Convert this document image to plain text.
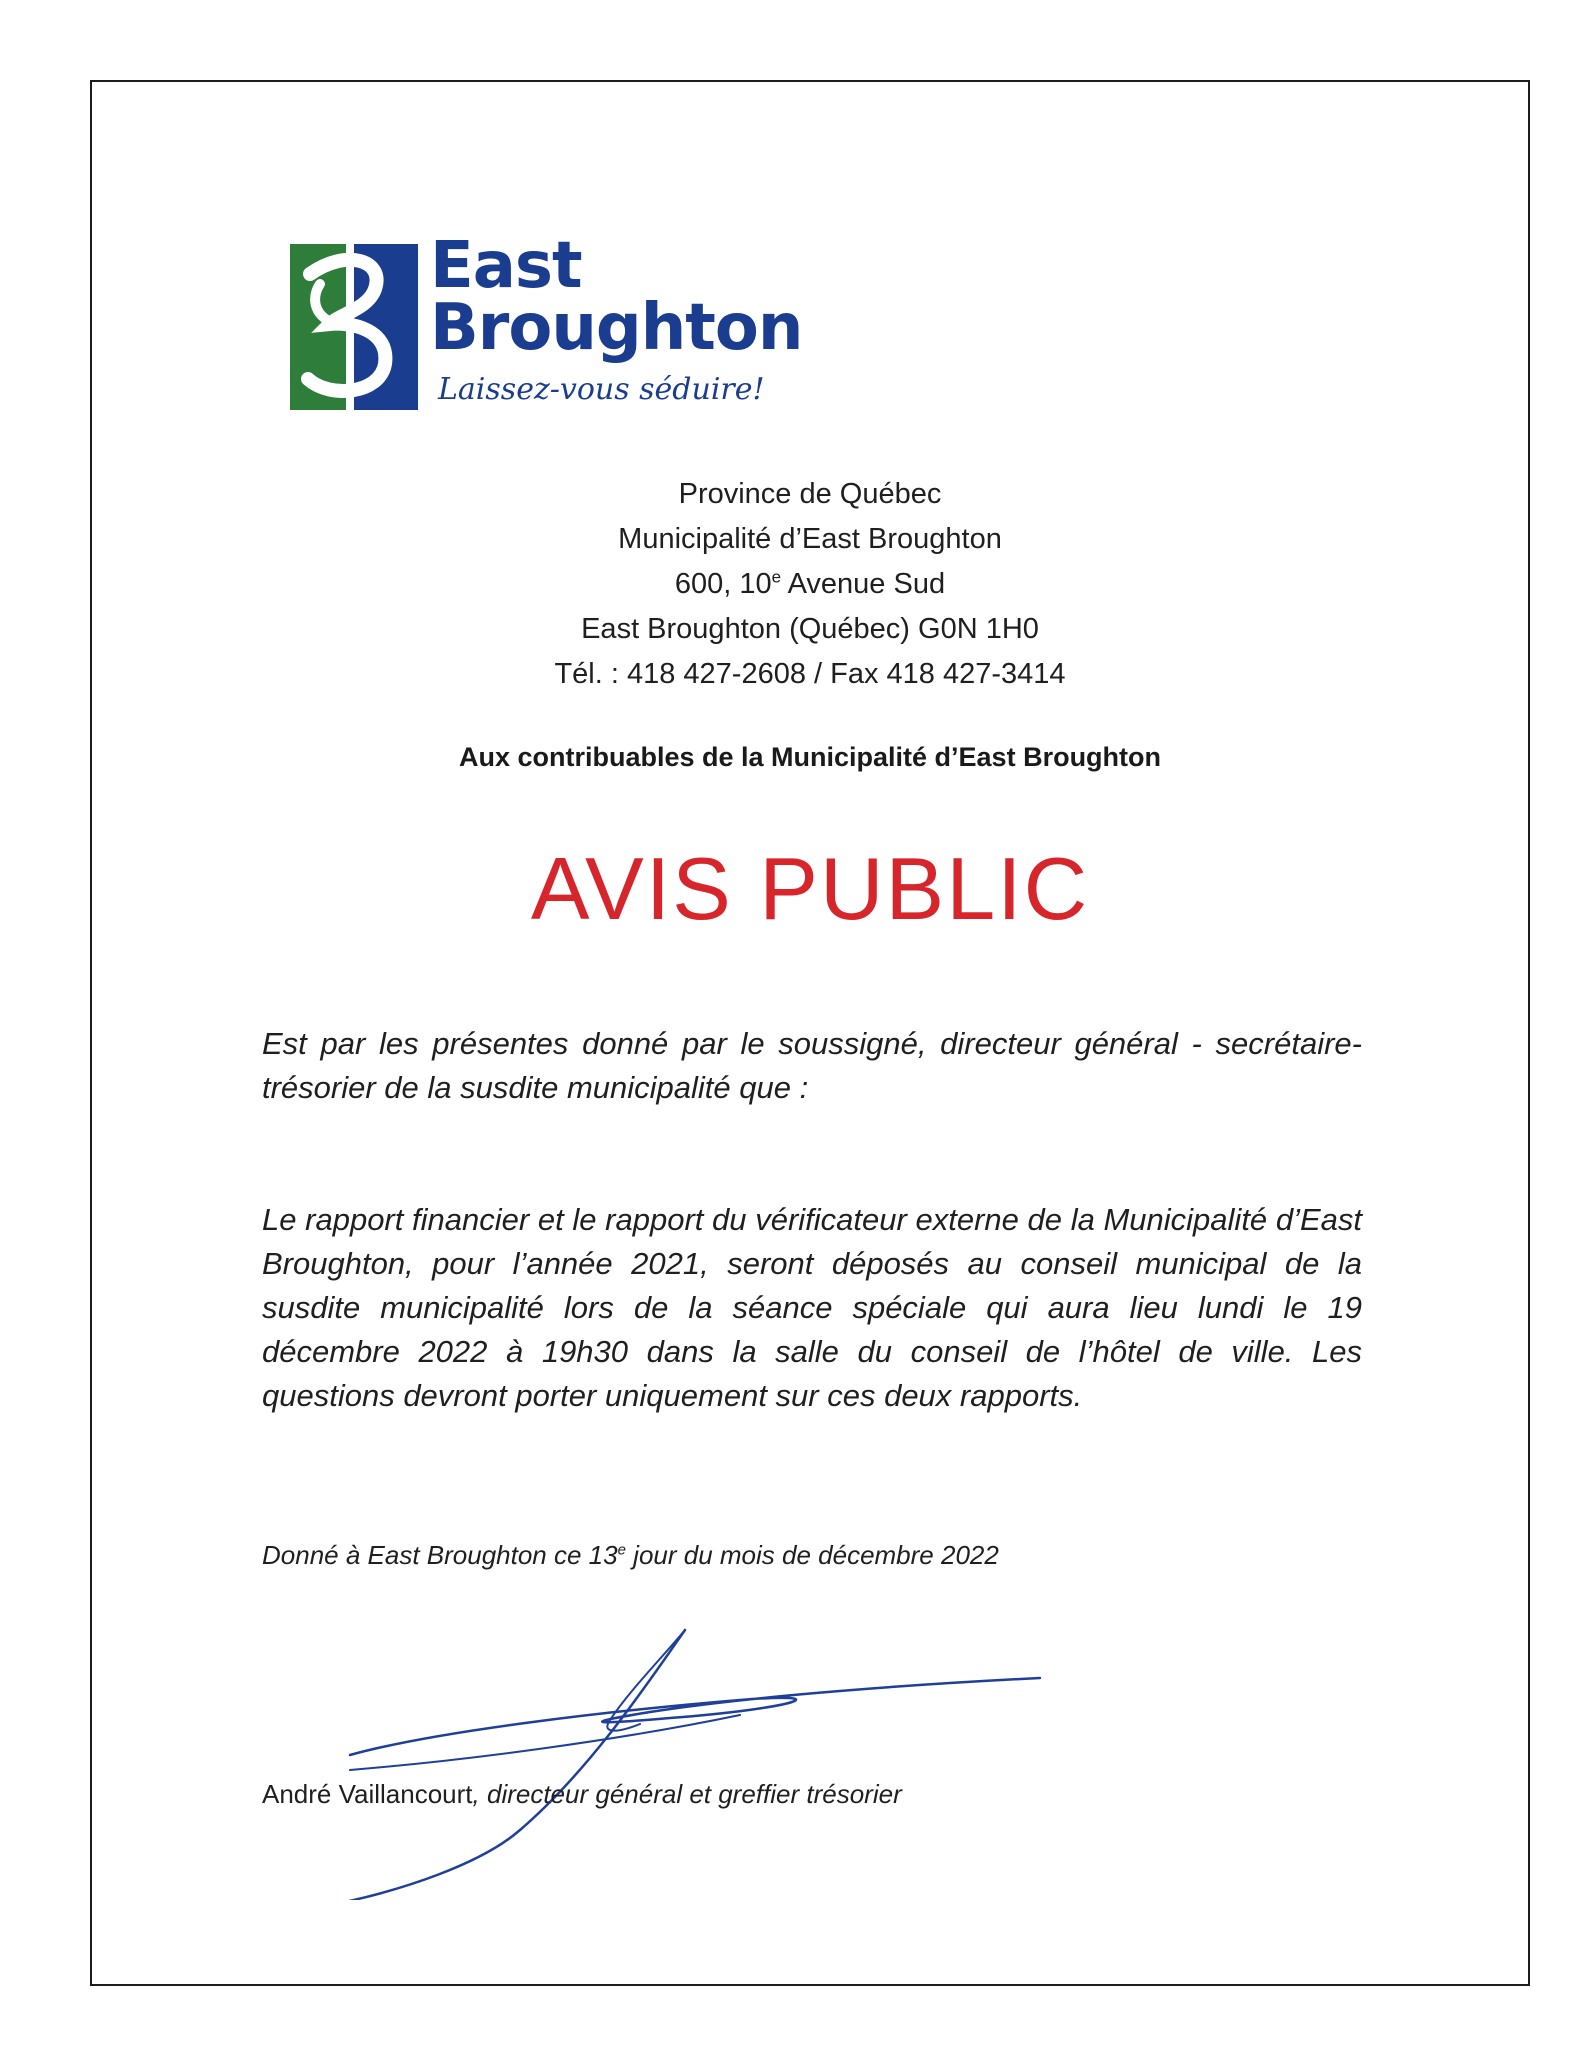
East
Broughton
Laissez-vous séduire!
Province de Québec
Municipalité d’East Broughton
600, 10e Avenue Sud
East Broughton (Québec) G0N 1H0
Tél. : 418 427-2608 / Fax 418 427-3414
Aux contribuables de la Municipalité d’East Broughton
AVIS PUBLIC
Est par les présentes donné par le soussigné, directeur général - secrétaire-trésorier de la susdite municipalité que :
Le rapport financier et le rapport du vérificateur externe de la Municipalité d’East Broughton, pour l’année 2021, seront déposés au conseil municipal de la susdite municipalité lors de la séance spéciale qui aura lieu lundi le 19 décembre 2022 à 19h30 dans la salle du conseil de l’hôtel de ville. Les questions devront porter uniquement sur ces deux rapports.
Donné à East Broughton ce 13e jour du mois de décembre 2022
André Vaillancourt, directeur général et greffier trésorier
